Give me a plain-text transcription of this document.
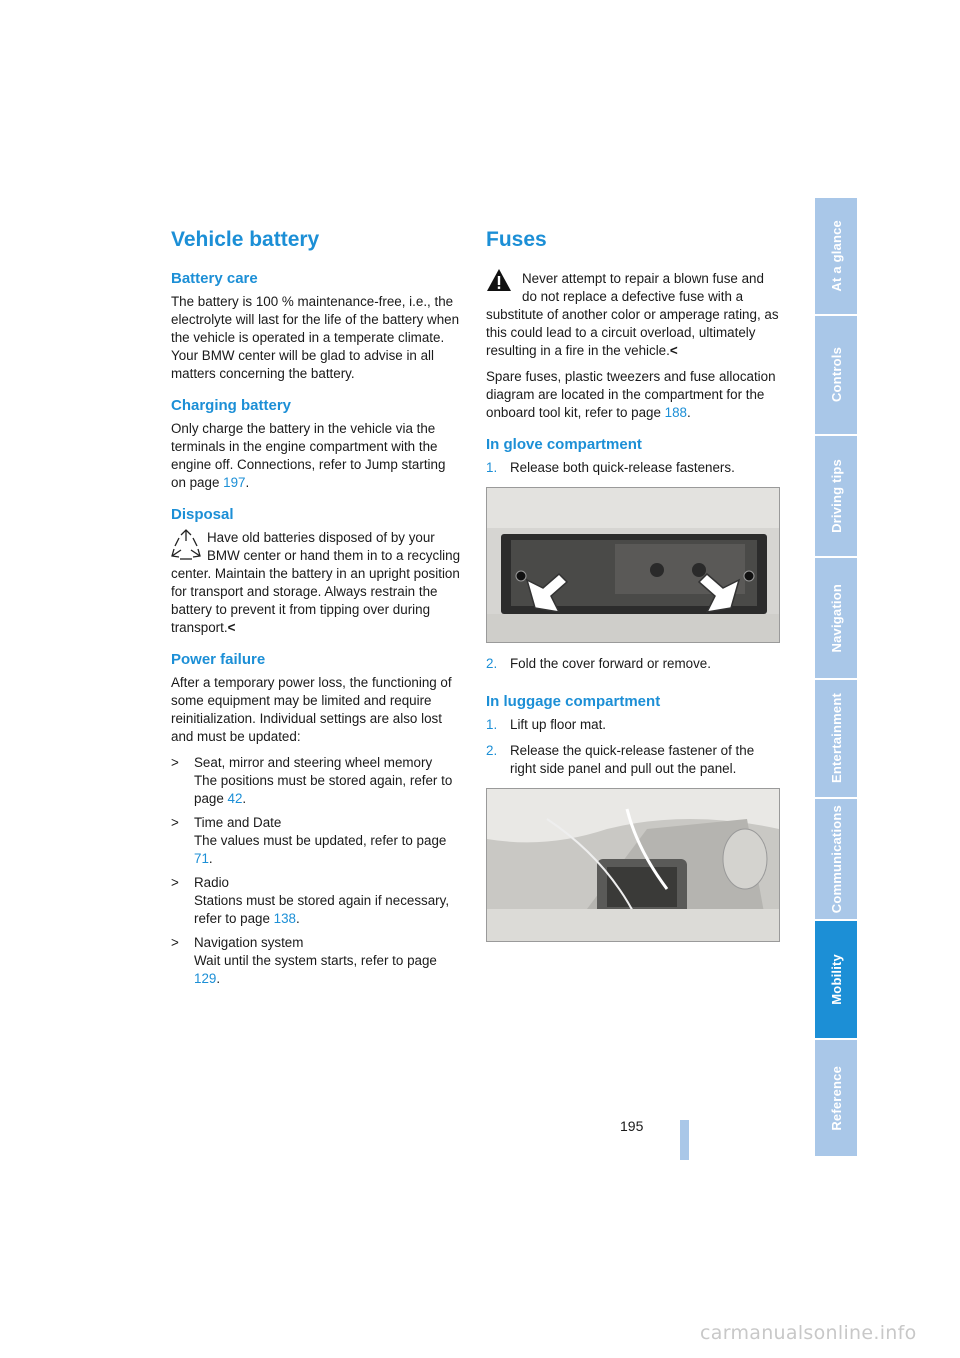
Vehicle battery
Battery care

The battery is 100 % maintenance-free, i.e., the electrolyte will last for the life of the battery when the vehicle is operated in a temperate climate. Your BMW center will be glad to advise in all matters concerning the battery.

Charging battery

Only charge the battery in the vehicle via the terminals in the engine compartment with the engine off. Connections, refer to Jump starting on page 197.

Disposal

Have old batteries disposed of by your BMW center or hand them in to a recycling center. Maintain the battery in an upright position for transport and storage. Always restrain the battery to prevent it from tipping over during transport.<

Power failure

After a temporary power loss, the functioning of some equipment may be limited and require reinitialization. Individual settings are also lost and must be updated:

>	Seat, mirror and steering wheel memory
The positions must be stored again, refer to page 42.
>	Time and Date
The values must be updated, refer to page 71.
>	Radio
Stations must be stored again if necessary, refer to page 138.
>	Navigation system
Wait until the system starts, refer to page 129.
Fuses

Never attempt to repair a blown fuse and do not replace a defective fuse with a substitute of another color or amperage rating, as this could lead to a circuit overload, ultimately resulting in a fire in the vehicle.<

Spare fuses, plastic tweezers and fuse allocation diagram are located in the compartment for the onboard tool kit, refer to page 188.

In glove compartment
1. Release both quick-release fasteners.
2. Fold the cover forward or remove.
In luggage compartment
1. Lift up floor mat.
2. Release the quick-release fastener of the right side panel and pull out the panel.
At a glance
Controls
Driving tips
Navigation
Entertainment
Communications
Mobility
Reference
195
carmanualsonline.info
